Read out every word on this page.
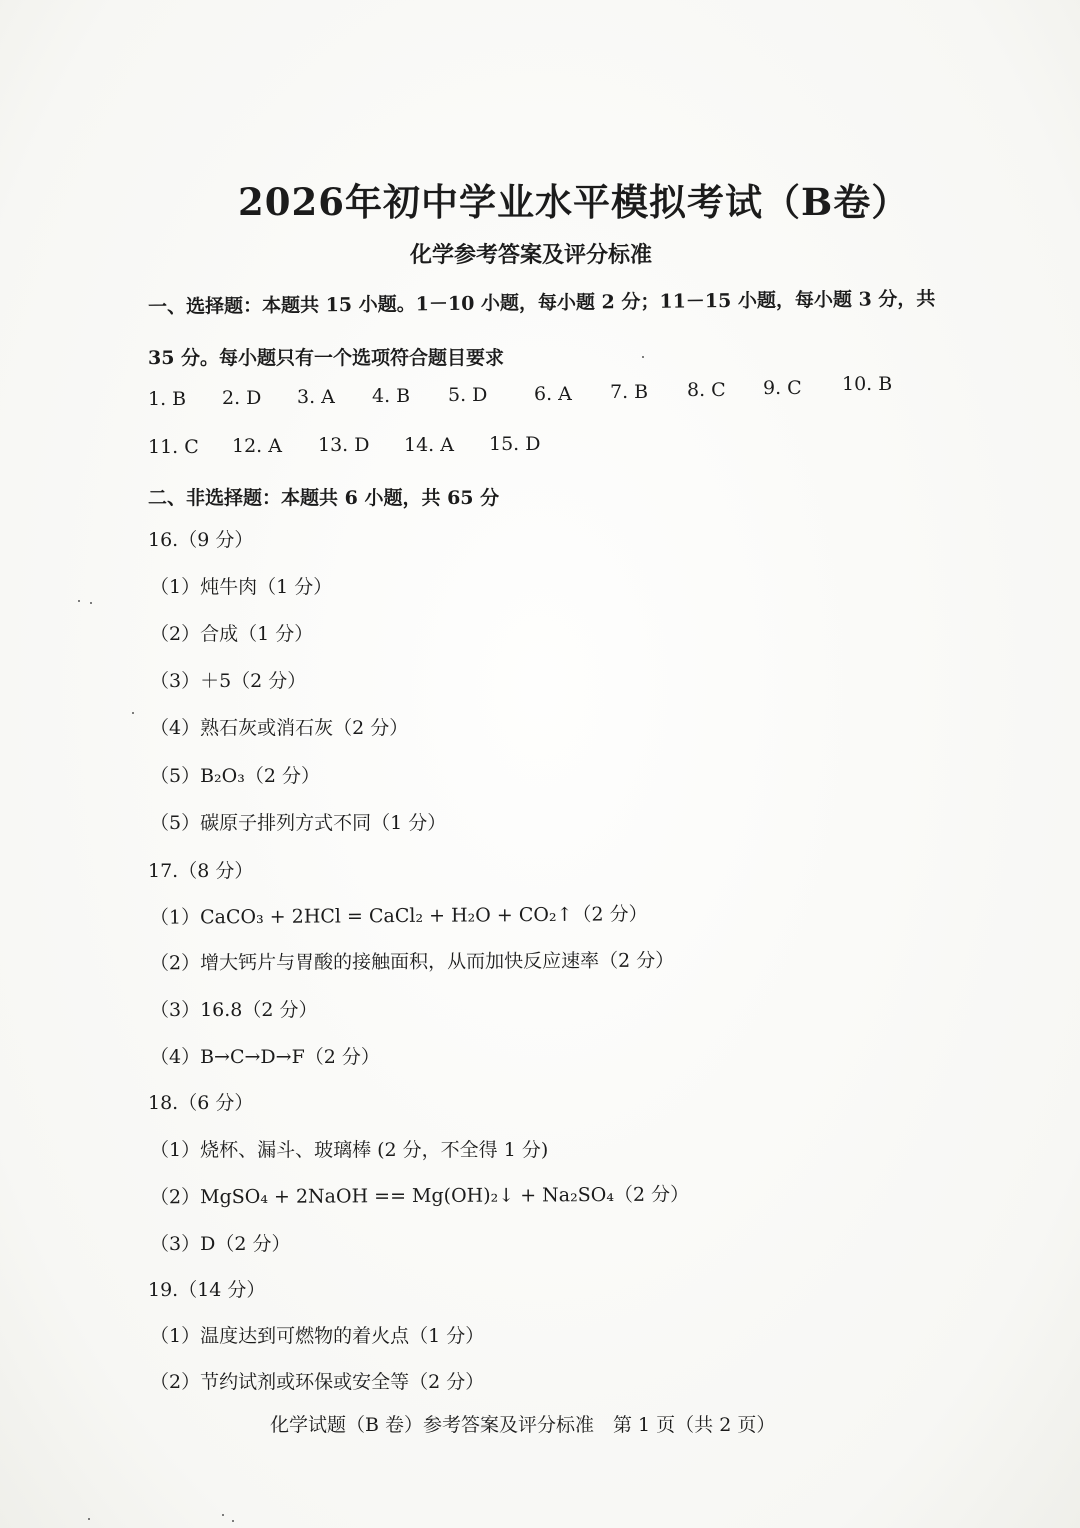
2026年初中学业水平模拟考试（B卷）
化学参考答案及评分标准
一、选择题：本题共 15 小题。1－10 小题，每小题 2 分；11－15 小题，每小题 3 分，共
35 分。每小题只有一个选项符合题目要求
1. B 2. D 3. A 4. B 5. D 6. A 7. B 8. C 9. C 10. B
11. C 12. A 13. D 14. A 15. D
二、非选择题：本题共 6 小题，共 65 分
16.（9 分）
（1）炖牛肉（1 分）
（2）合成（1 分）
（3）＋5（2 分）
（4）熟石灰或消石灰（2 分）
（5）B₂O₃（2 分）
（5）碳原子排列方式不同（1 分）
17.（8 分）
（1）CaCO₃ + 2HCl = CaCl₂ + H₂O + CO₂↑（2 分）
（2）增大钙片与胃酸的接触面积，从而加快反应速率（2 分）
（3）16.8（2 分）
（4）B→C→D→F（2 分）
18.（6 分）
（1）烧杯、漏斗、玻璃棒 (2 分，不全得 1 分)
（2）MgSO₄ + 2NaOH == Mg(OH)₂↓ + Na₂SO₄（2 分）
（3）D（2 分）
19.（14 分）
（1）温度达到可燃物的着火点（1 分）
（2）节约试剂或环保或安全等（2 分）
化学试题（B 卷）参考答案及评分标准　第 1 页（共 2 页）
